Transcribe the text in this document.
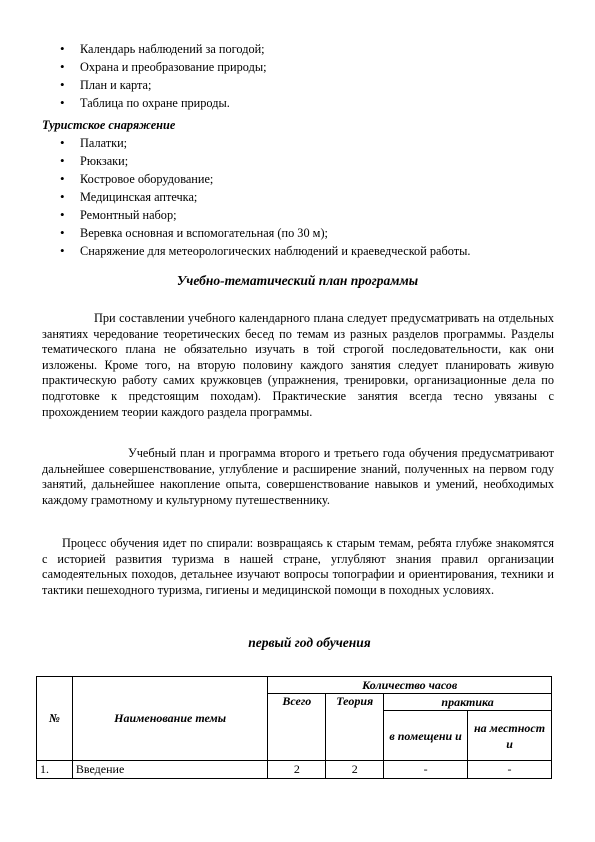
• Календарь наблюдений за погодой;
• Охрана и преобразование природы;
• План и карта;
• Таблица по охране природы.
Туристское снаряжение
• Палатки;
• Рюкзаки;
• Костровое оборудование;
• Медицинская аптечка;
• Ремонтный набор;
• Веревка основная и вспомогательная (по 30 м);
• Снаряжение для метеорологических наблюдений и краеведческой работы.
Учебно-тематический план программы

При составлении учебного календарного плана следует предусматривать на отдельных занятиях чередование теоретических бесед по темам из разных разделов программы. Разделы тематического плана не обязательно изучать в той строгой последовательности, как они изложены. Кроме того, на вторую половину каждого занятия следует планировать живую практическую работу самих кружковцев (упражнения, тренировки, организационные дела по подготовке к предстоящим походам). Практические занятия всегда тесно увязаны с прохождением теории каждого раздела программы.

Учебный план и программа второго и третьего года обучения предусматривают дальнейшее совершенствование, углубление и расширение знаний, полученных на первом году занятий, дальнейшее накопление опыта, совершенствование навыков и умений, необходимых каждому грамотному и культурному путешественнику.

Процесс обучения идет по спирали: возвращаясь к старым темам, ребята глубже знакомятся с историей развития туризма в нашей стране, углубляют знания правил организации самодеятельных походов, детальнее изучают вопросы топографии и ориентирования, техники и тактики пешеходного туризма, гигиены и медицинской помощи в походных условиях.

первый год обучения
№	Наименование темы	Количество часов			
		Всего	Теория	практика	
				в помещени и	на местност и
1.	Введение	2	2	-	-
